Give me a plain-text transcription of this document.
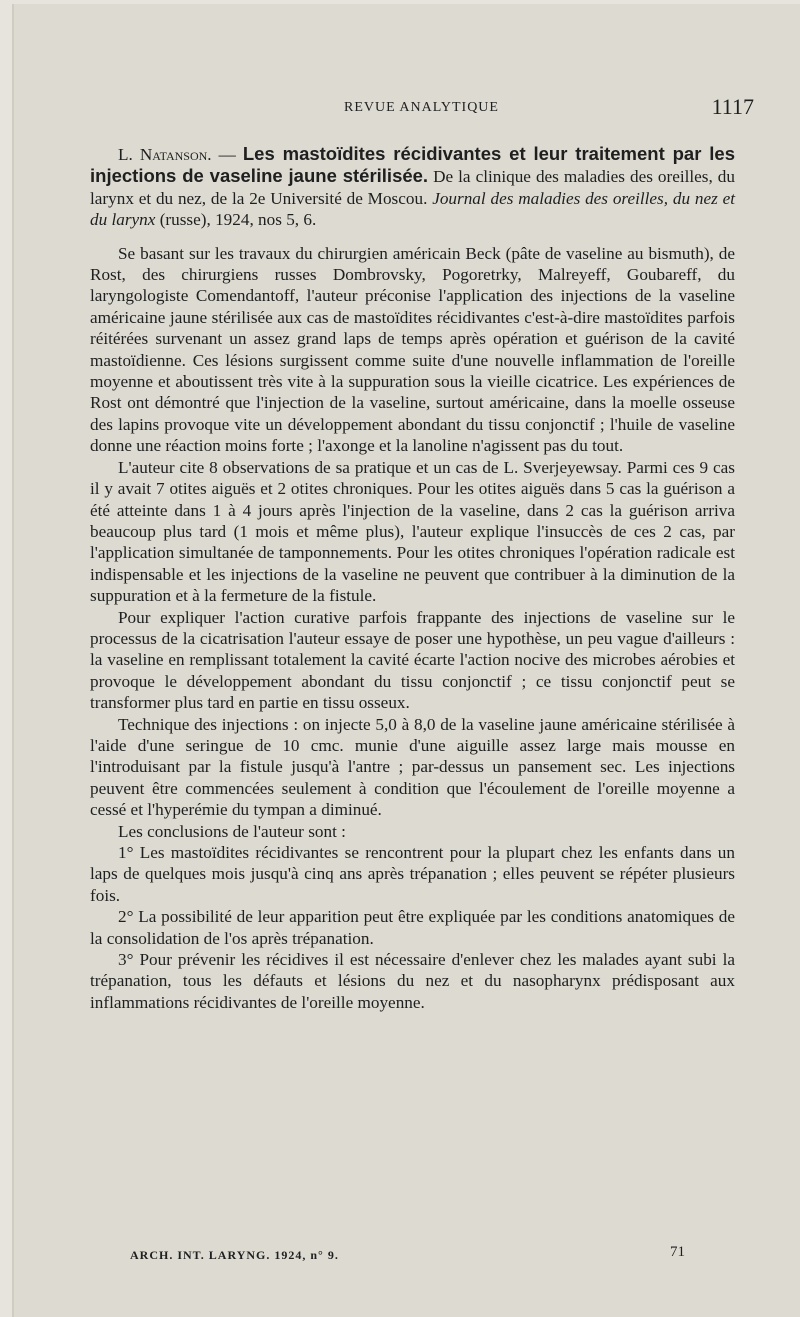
REVUE ANALYTIQUE	1117

L. Natanson. — Les mastoïdites récidivantes et leur traitement par les injections de vaseline jaune stérilisée. De la clinique des maladies des oreilles, du larynx et du nez, de la 2e Université de Moscou. Journal des maladies des oreilles, du nez et du larynx (russe), 1924, nos 5, 6.

Se basant sur les travaux du chirurgien américain Beck (pâte de vaseline au bismuth), de Rost, des chirurgiens russes Dombrovsky, Pogoretrky, Malreyeff, Goubareff, du laryngologiste Comendantoff, l'auteur préconise l'application des injections de la vaseline américaine jaune stérilisée aux cas de mastoïdites récidivantes c'est-à-dire mastoïdites parfois réitérées survenant un assez grand laps de temps après opération et guérison de la cavité mastoïdienne. Ces lésions surgissent comme suite d'une nouvelle inflammation de l'oreille moyenne et aboutissent très vite à la suppuration sous la vieille cicatrice. Les expériences de Rost ont démontré que l'injection de la vaseline, surtout américaine, dans la moelle osseuse des lapins provoque vite un développement abondant du tissu conjonctif ; l'huile de vaseline donne une réaction moins forte ; l'axonge et la lanoline n'agissent pas du tout.

L'auteur cite 8 observations de sa pratique et un cas de L. Sverjeyewsay. Parmi ces 9 cas il y avait 7 otites aiguës et 2 otites chroniques. Pour les otites aiguës dans 5 cas la guérison a été atteinte dans 1 à 4 jours après l'injection de la vaseline, dans 2 cas la guérison arriva beaucoup plus tard (1 mois et même plus), l'auteur explique l'insuccès de ces 2 cas, par l'application simultanée de tamponnements. Pour les otites chroniques l'opération radicale est indispensable et les injections de la vaseline ne peuvent que contribuer à la diminution de la suppuration et à la fermeture de la fistule.

Pour expliquer l'action curative parfois frappante des injections de vaseline sur le processus de la cicatrisation l'auteur essaye de poser une hypothèse, un peu vague d'ailleurs : la vaseline en remplissant totalement la cavité écarte l'action nocive des microbes aérobies et provoque le développement abondant du tissu conjonctif ; ce tissu conjonctif peut se transformer plus tard en partie en tissu osseux.

Technique des injections : on injecte 5,0 à 8,0 de la vaseline jaune américaine stérilisée à l'aide d'une seringue de 10 cmc. munie d'une aiguille assez large mais mousse en l'introduisant par la fistule jusqu'à l'antre ; par-dessus un pansement sec. Les injections peuvent être commencées seulement à condition que l'écoulement de l'oreille moyenne a cessé et l'hyperémie du tympan a diminué.

Les conclusions de l'auteur sont :

1° Les mastoïdites récidivantes se rencontrent pour la plupart chez les enfants dans un laps de quelques mois jusqu'à cinq ans après trépanation ; elles peuvent se répéter plusieurs fois.

2° La possibilité de leur apparition peut être expliquée par les conditions anatomiques de la consolidation de l'os après trépanation.

3° Pour prévenir les récidives il est nécessaire d'enlever chez les malades ayant subi la trépanation, tous les défauts et lésions du nez et du nasopharynx prédisposant aux inflammations récidivantes de l'oreille moyenne.

ARCH. INT. LARYNG. 1924, n° 9.	71
